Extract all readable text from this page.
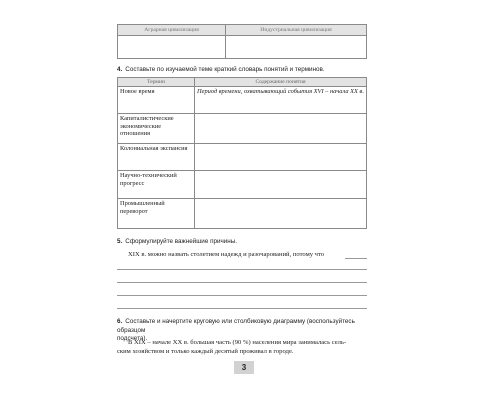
Аграрная цивилизация	Индустриальная цивилизация

4. Составьте по изучаемой теме краткий словарь понятий и терминов.
Термин	Содержание понятия
Новое время	Период времени, охватывающий события XVI – начала XX в.
Капиталистические экономические отношения	
Колониальная экспансия	
Научно-технический прогресс	
Промышленный переворот	
5. Сформулируйте важнейшие причины.
XIX в. можно назвать столетием надежд и разочарований, потому что
6. Составьте и начертите круговую или столбиковую диаграмму (воспользуйтесь образцом
подсчета).
В XIX – начале XX в. большая часть (90 %) населения мира занималась сель-
ским хозяйством и только каждый десятый проживал в городе.
3
